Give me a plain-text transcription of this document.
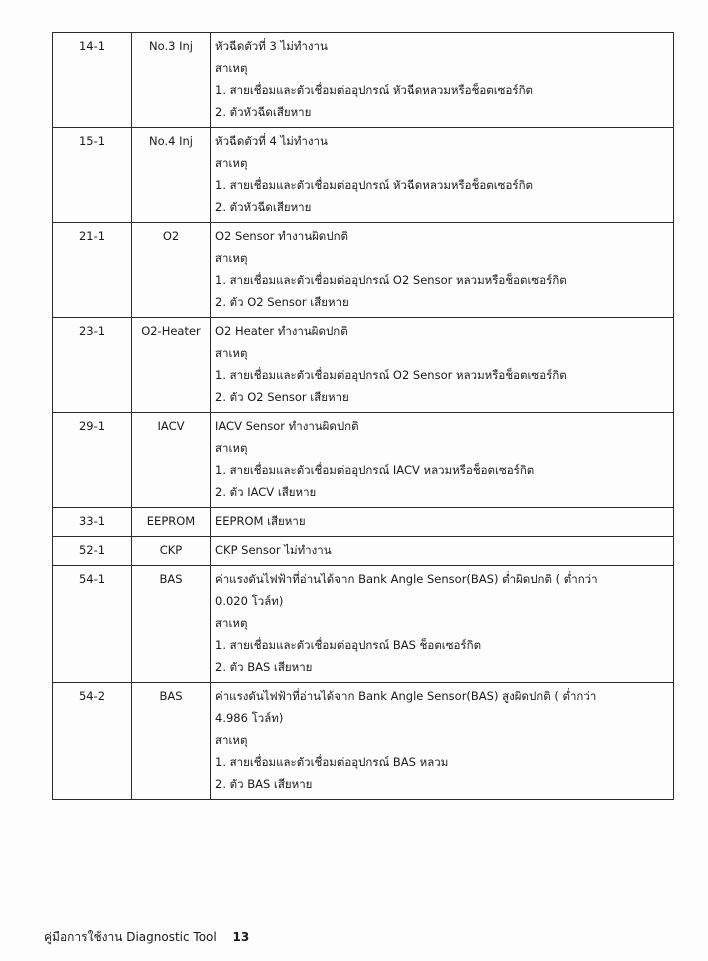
14-1	No.3 Inj	หัวฉีดตัวที่ 3 ไม่ทำงาน
สาเหตุ
1. สายเชื่อมและตัวเชื่อมต่ออุปกรณ์ หัวฉีดหลวมหรือช็อตเซอร์กิต
2. ตัวหัวฉีดเสียหาย

15-1	No.4 Inj	หัวฉีดตัวที่ 4 ไม่ทำงาน
สาเหตุ
1. สายเชื่อมและตัวเชื่อมต่ออุปกรณ์ หัวฉีดหลวมหรือช็อตเซอร์กิต
2. ตัวหัวฉีดเสียหาย

21-1	O2	O2 Sensor ทำงานผิดปกติ
สาเหตุ
1. สายเชื่อมและตัวเชื่อมต่ออุปกรณ์ O2 Sensor หลวมหรือช็อตเซอร์กิต
2. ตัว O2 Sensor เสียหาย

23-1	O2-Heater	O2 Heater ทำงานผิดปกติ
สาเหตุ
1. สายเชื่อมและตัวเชื่อมต่ออุปกรณ์ O2 Sensor หลวมหรือช็อตเซอร์กิต
2. ตัว O2 Sensor เสียหาย

29-1	IACV	IACV Sensor ทำงานผิดปกติ
สาเหตุ
1. สายเชื่อมและตัวเชื่อมต่ออุปกรณ์ IACV หลวมหรือช็อตเซอร์กิต
2. ตัว IACV เสียหาย

33-1	EEPROM	EEPROM เสียหาย

52-1	CKP	CKP Sensor ไม่ทำงาน

54-1	BAS	ค่าแรงดันไฟฟ้าที่อ่านได้จาก Bank Angle Sensor(BAS) ต่ำผิดปกติ ( ต่ำกว่า
0.020 โวล์ท)
สาเหตุ
1. สายเชื่อมและตัวเชื่อมต่ออุปกรณ์ BAS ช็อตเซอร์กิต
2. ตัว BAS เสียหาย

54-2	BAS	ค่าแรงดันไฟฟ้าที่อ่านได้จาก Bank Angle Sensor(BAS) สูงผิดปกติ ( ต่ำกว่า
4.986 โวล์ท)
สาเหตุ
1. สายเชื่อมและตัวเชื่อมต่ออุปกรณ์ BAS หลวม
2. ตัว BAS เสียหาย
คู่มือการใช้งาน Diagnostic Tool 13
